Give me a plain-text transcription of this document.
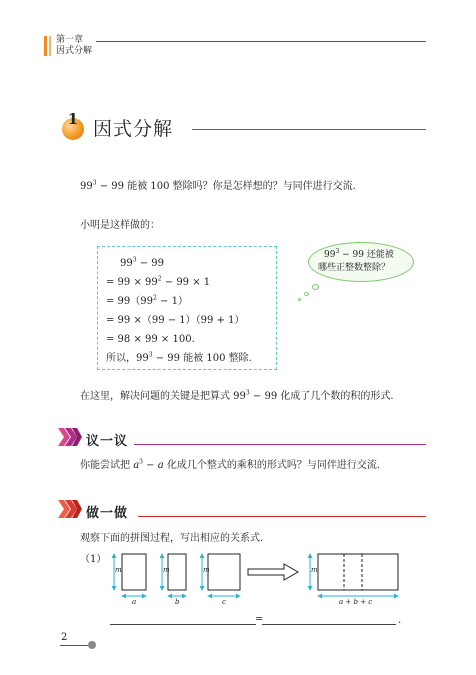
第一章
因式分解
1 因式分解
$99^3 - 99$ 能被 100 整除吗？你是怎样想的？与同伴进行交流.
小明是这样做的：
$99^3 - 99$
= $99 \times 99^2 - 99 \times 1$
= $99(99^2 - 1)$
= 99 ×（99 − 1）（99 + 1）
= 98 × 99 × 100.
所以，$99^3 - 99$ 能被 100 整除.
$99^3 - 99$ 还能被
哪些正整数整除？
在这里，解决问题的关键是把算式 $99^3 - 99$ 化成了几个数的积的形式.
议一议
你能尝试把 $a^3 - a$ 化成几个整式的乘积的形式吗？与同伴进行交流.
做一做
观察下面的拼图过程，写出相应的关系式.
（1）
m	m	m	m
a	b	c	a + b + c
=	.
2
